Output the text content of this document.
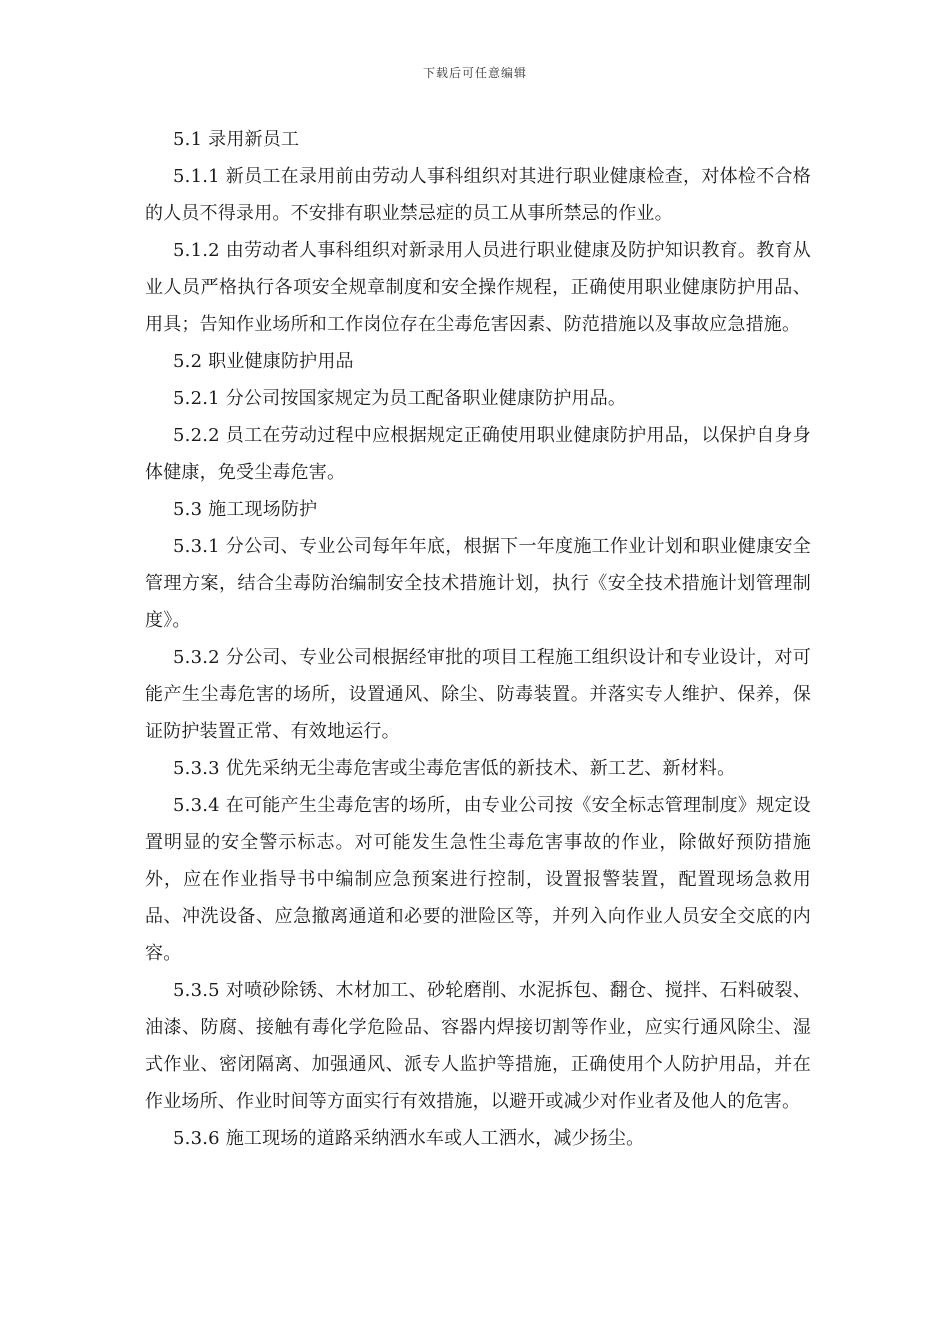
下载后可任意编辑

5.1 录用新员工

5.1.1 新员工在录用前由劳动人事科组织对其进行职业健康检查，对体检不合格的人员不得录用。不安排有职业禁忌症的员工从事所禁忌的作业。

5.1.2 由劳动者人事科组织对新录用人员进行职业健康及防护知识教育。教育从业人员严格执行各项安全规章制度和安全操作规程，正确使用职业健康防护用品、用具；告知作业场所和工作岗位存在尘毒危害因素、防范措施以及事故应急措施。

5.2 职业健康防护用品

5.2.1 分公司按国家规定为员工配备职业健康防护用品。

5.2.2 员工在劳动过程中应根据规定正确使用职业健康防护用品，以保护自身身体健康，免受尘毒危害。

5.3 施工现场防护

5.3.1 分公司、专业公司每年年底，根据下一年度施工作业计划和职业健康安全管理方案，结合尘毒防治编制安全技术措施计划，执行《安全技术措施计划管理制度》。

5.3.2 分公司、专业公司根据经审批的项目工程施工组织设计和专业设计，对可能产生尘毒危害的场所，设置通风、除尘、防毒装置。并落实专人维护、保养，保证防护装置正常、有效地运行。

5.3.3 优先采纳无尘毒危害或尘毒危害低的新技术、新工艺、新材料。

5.3.4 在可能产生尘毒危害的场所，由专业公司按《安全标志管理制度》规定设置明显的安全警示标志。对可能发生急性尘毒危害事故的作业，除做好预防措施外，应在作业指导书中编制应急预案进行控制，设置报警装置，配置现场急救用品、冲洗设备、应急撤离通道和必要的泄险区等，并列入向作业人员安全交底的内容。

5.3.5 对喷砂除锈、木材加工、砂轮磨削、水泥拆包、翻仓、搅拌、石料破裂、油漆、防腐、接触有毒化学危险品、容器内焊接切割等作业，应实行通风除尘、湿式作业、密闭隔离、加强通风、派专人监护等措施，正确使用个人防护用品，并在作业场所、作业时间等方面实行有效措施，以避开或减少对作业者及他人的危害。

5.3.6 施工现场的道路采纳洒水车或人工洒水，减少扬尘。
